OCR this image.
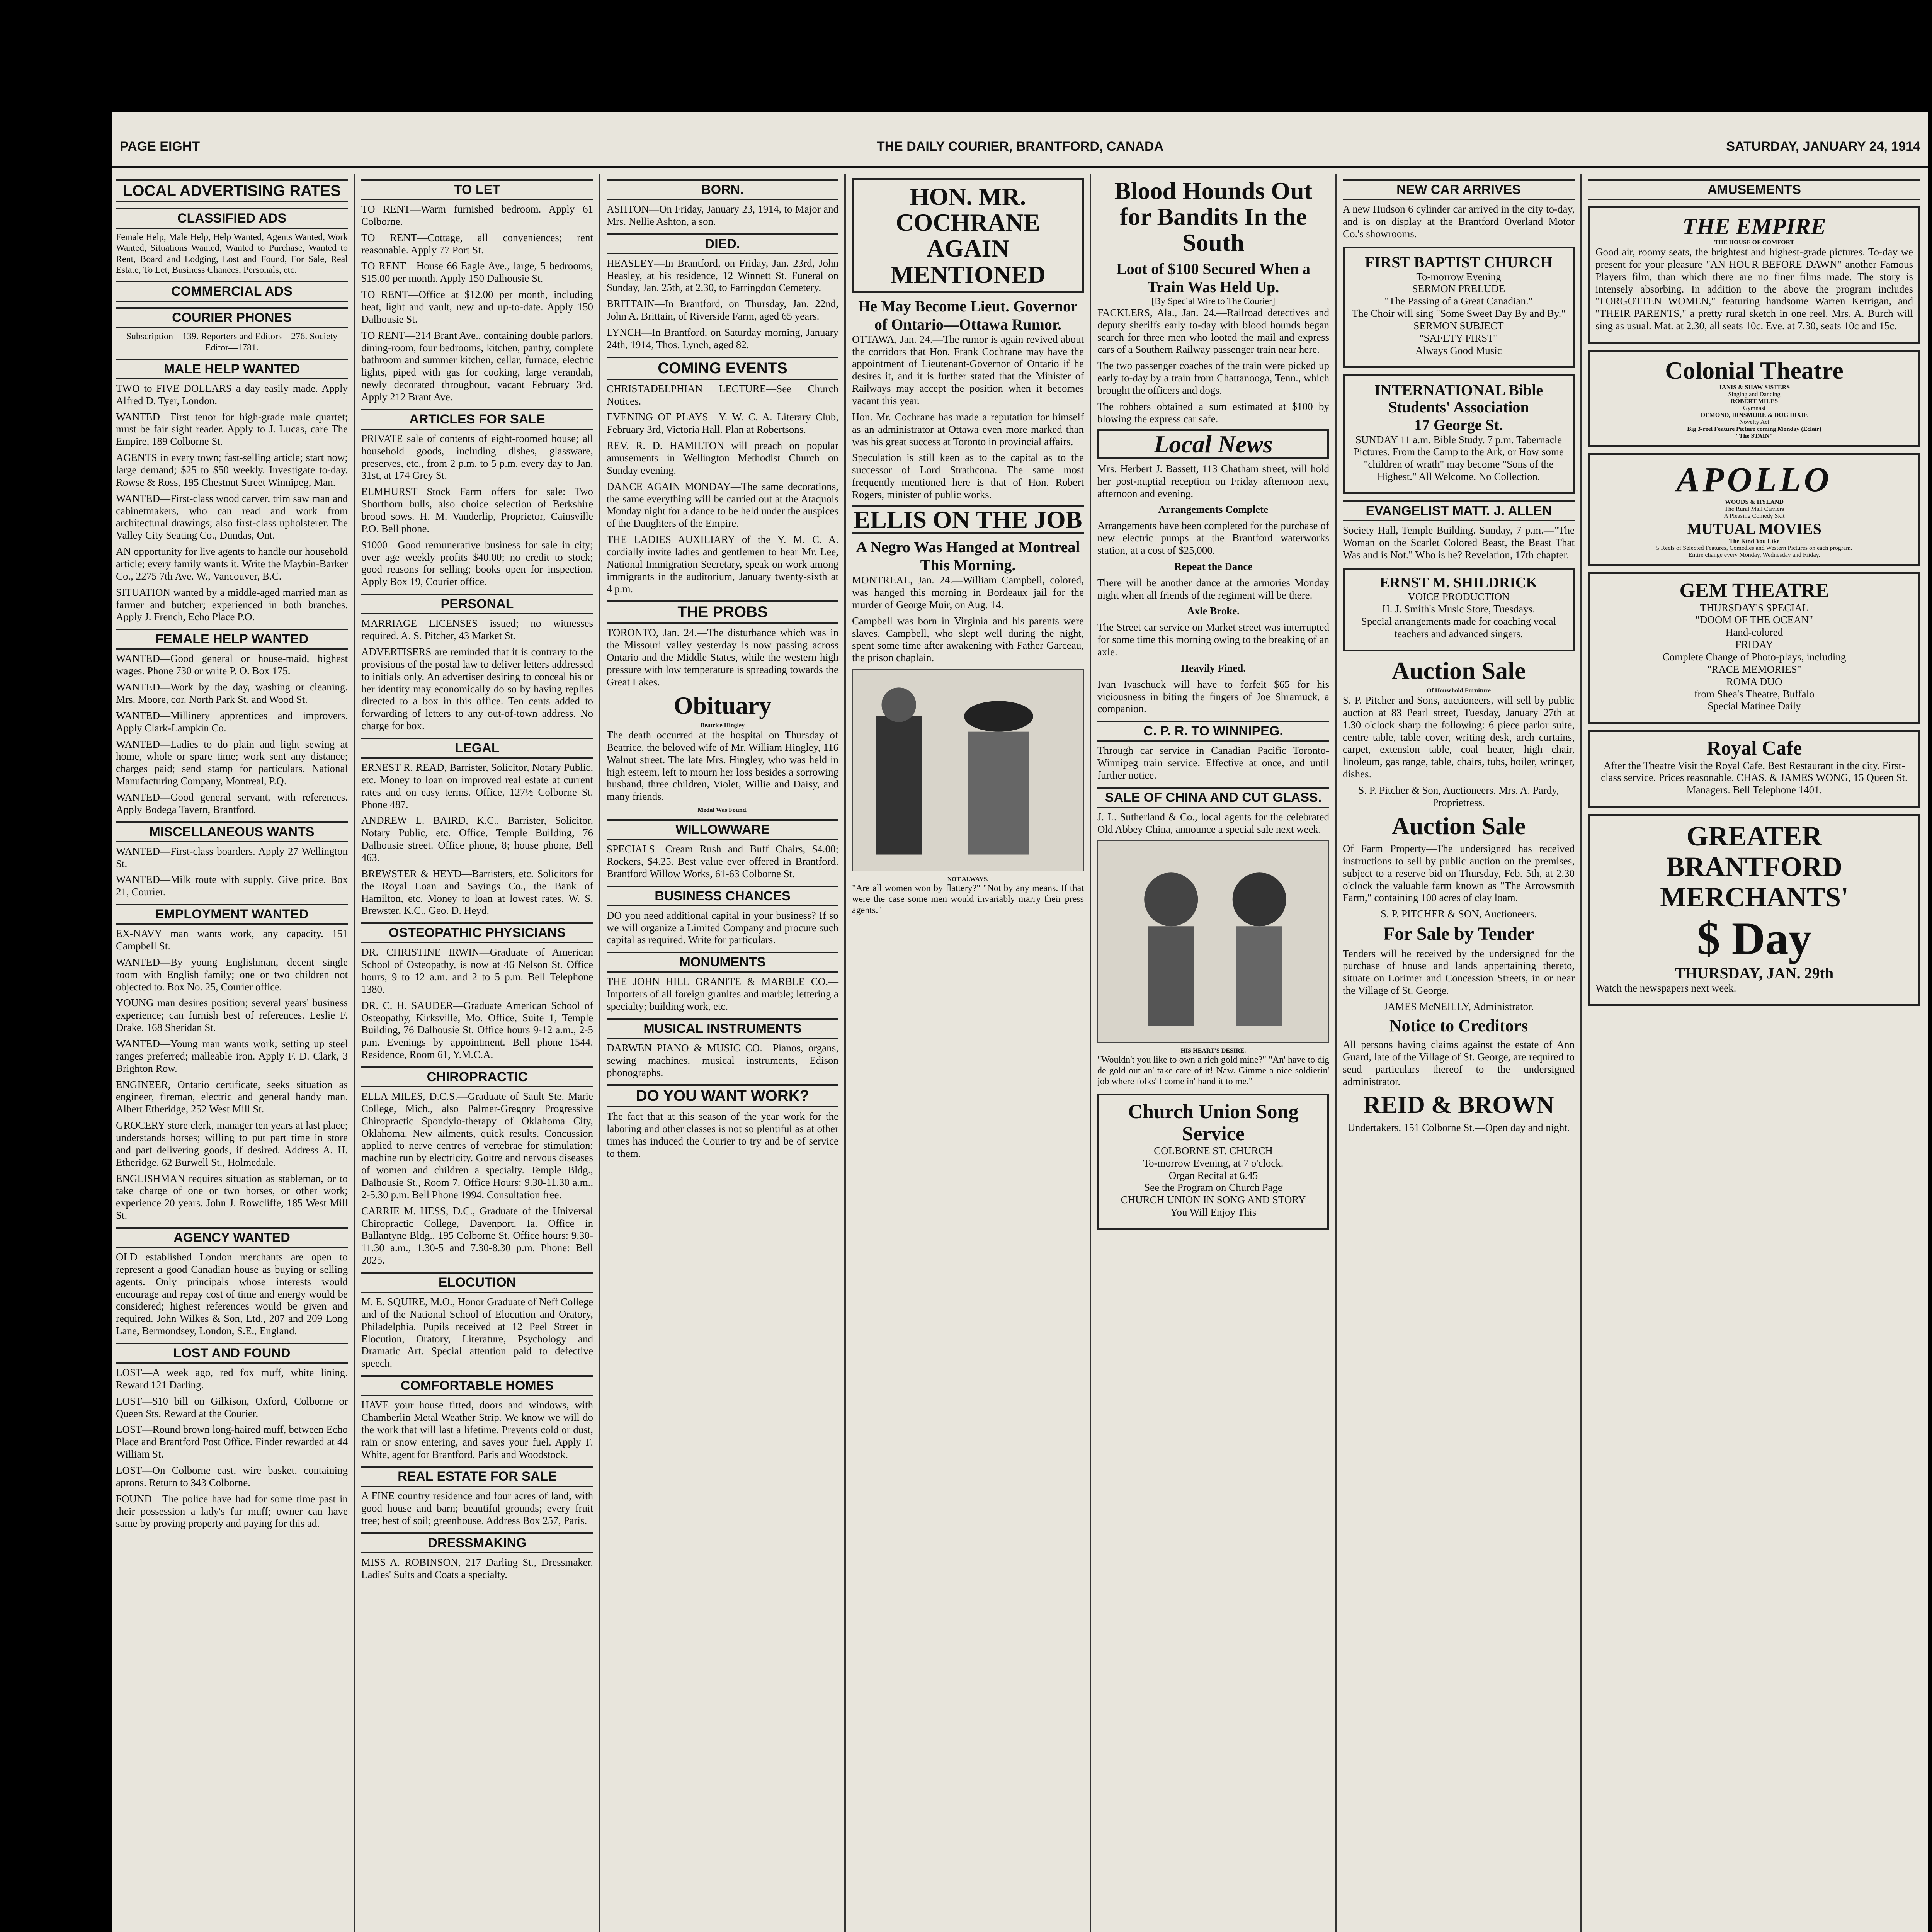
PAGE EIGHT	THE DAILY COURIER, BRANTFORD, CANADA	SATURDAY, JANUARY 24, 1914
LOCAL ADVERTISING RATES
CLASSIFIED ADS

Female Help, Male Help, Help Wanted, Agents Wanted, Work Wanted, Situations Wanted, Wanted to Purchase, Wanted to Rent, Board and Lodging, Lost and Found, For Sale, Real Estate, To Let, Business Chances, Personals, etc.

COMMERCIAL ADS
COURIER PHONES

Subscription—139. Reporters and Editors—276. Society Editor—1781.

MALE HELP WANTED

TWO to FIVE DOLLARS a day easily made. Apply Alfred D. Tyer, London.

WANTED—First tenor for high-grade male quartet; must be fair sight reader. Apply to J. Lucas, care The Empire, 189 Colborne St.

AGENTS in every town; fast-selling article; start now; large demand; $25 to $50 weekly. Investigate to-day. Rowse & Ross, 195 Chestnut Street Winnipeg, Man.

WANTED—First-class wood carver, trim saw man and cabinetmakers, who can read and work from architectural drawings; also first-class upholsterer. The Valley City Seating Co., Dundas, Ont.

AN opportunity for live agents to handle our household article; every family wants it. Write the Maybin-Barker Co., 2275 7th Ave. W., Vancouver, B.C.

SITUATION wanted by a middle-aged married man as farmer and butcher; experienced in both branches. Apply J. French, Echo Place P.O.

FEMALE HELP WANTED

WANTED—Good general or house-maid, highest wages. Phone 730 or write P. O. Box 175.

WANTED—Work by the day, washing or cleaning. Mrs. Moore, cor. North Park St. and Wood St.

WANTED—Millinery apprentices and improvers. Apply Clark-Lampkin Co.

WANTED—Ladies to do plain and light sewing at home, whole or spare time; work sent any distance; charges paid; send stamp for particulars. National Manufacturing Company, Montreal, P.Q.

WANTED—Good general servant, with references. Apply Bodega Tavern, Brantford.

MISCELLANEOUS WANTS

WANTED—First-class boarders. Apply 27 Wellington St.

WANTED—Milk route with supply. Give price. Box 21, Courier.

EMPLOYMENT WANTED

EX-NAVY man wants work, any capacity. 151 Campbell St.

WANTED—By young Englishman, decent single room with English family; one or two children not objected to. Box No. 25, Courier office.

YOUNG man desires position; several years' business experience; can furnish best of references. Leslie F. Drake, 168 Sheridan St.

WANTED—Young man wants work; setting up steel ranges preferred; malleable iron. Apply F. D. Clark, 3 Brighton Row.

ENGINEER, Ontario certificate, seeks situation as engineer, fireman, electric and general handy man. Albert Etheridge, 252 West Mill St.

GROCERY store clerk, manager ten years at last place; understands horses; willing to put part time in store and part delivering goods, if desired. Address A. H. Etheridge, 62 Burwell St., Holmedale.

ENGLISHMAN requires situation as stableman, or to take charge of one or two horses, or other work; experience 20 years. John J. Rowcliffe, 185 West Mill St.

AGENCY WANTED

OLD established London merchants are open to represent a good Canadian house as buying or selling agents. Only principals whose interests would encourage and repay cost of time and energy would be considered; highest references would be given and required. John Wilkes & Son, Ltd., 207 and 209 Long Lane, Bermondsey, London, S.E., England.

LOST AND FOUND

LOST—A week ago, red fox muff, white lining. Reward 121 Darling.

LOST—$10 bill on Gilkison, Oxford, Colborne or Queen Sts. Reward at the Courier.

LOST—Round brown long-haired muff, between Echo Place and Brantford Post Office. Finder rewarded at 44 William St.

LOST—On Colborne east, wire basket, containing aprons. Return to 343 Colborne.

FOUND—The police have had for some time past in their possession a lady's fur muff; owner can have same by proving property and paying for this ad.

TO LET

TO RENT—Warm furnished bedroom. Apply 61 Colborne.

TO RENT—Cottage, all conveniences; rent reasonable. Apply 77 Port St.

TO RENT—House 66 Eagle Ave., large, 5 bedrooms, $15.00 per month. Apply 150 Dalhousie St.

TO RENT—Office at $12.00 per month, including heat, light and vault, new and up-to-date. Apply 150 Dalhousie St.

TO RENT—214 Brant Ave., containing double parlors, dining-room, four bedrooms, kitchen, pantry, complete bathroom and summer kitchen, cellar, furnace, electric lights, piped with gas for cooking, large verandah, newly decorated throughout, vacant February 3rd. Apply 212 Brant Ave.

ARTICLES FOR SALE

PRIVATE sale of contents of eight-roomed house; all household goods, including dishes, glassware, preserves, etc., from 2 p.m. to 5 p.m. every day to Jan. 31st, at 174 Grey St.

ELMHURST Stock Farm offers for sale: Two Shorthorn bulls, also choice selection of Berkshire brood sows. H. M. Vanderlip, Proprietor, Cainsville P.O. Bell phone.

$1000—Good remunerative business for sale in city; over age weekly profits $40.00; no credit to stock; good reasons for selling; books open for inspection. Apply Box 19, Courier office.

PERSONAL

MARRIAGE LICENSES issued; no witnesses required. A. S. Pitcher, 43 Market St.

ADVERTISERS are reminded that it is contrary to the provisions of the postal law to deliver letters addressed to initials only. An advertiser desiring to conceal his or her identity may economically do so by having replies directed to a box in this office. Ten cents added to forwarding of letters to any out-of-town address. No charge for box.

LEGAL

ERNEST R. READ, Barrister, Solicitor, Notary Public, etc. Money to loan on improved real estate at current rates and on easy terms. Office, 127½ Colborne St. Phone 487.

ANDREW L. BAIRD, K.C., Barrister, Solicitor, Notary Public, etc. Office, Temple Building, 76 Dalhousie street. Office phone, 8; house phone, Bell 463.

BREWSTER & HEYD—Barristers, etc. Solicitors for the Royal Loan and Savings Co., the Bank of Hamilton, etc. Money to loan at lowest rates. W. S. Brewster, K.C., Geo. D. Heyd.

OSTEOPATHIC PHYSICIANS

DR. CHRISTINE IRWIN—Graduate of American School of Osteopathy, is now at 46 Nelson St. Office hours, 9 to 12 a.m. and 2 to 5 p.m. Bell Telephone 1380.

DR. C. H. SAUDER—Graduate American School of Osteopathy, Kirksville, Mo. Office, Suite 1, Temple Building, 76 Dalhousie St. Office hours 9-12 a.m., 2-5 p.m. Evenings by appointment. Bell phone 1544. Residence, Room 61, Y.M.C.A.

CHIROPRACTIC

ELLA MILES, D.C.S.—Graduate of Sault Ste. Marie College, Mich., also Palmer-Gregory Progressive Chiropractic Spondylo-therapy of Oklahoma City, Oklahoma. New ailments, quick results. Concussion applied to nerve centres of vertebrae for stimulation; machine run by electricity. Goitre and nervous diseases of women and children a specialty. Temple Bldg., Dalhousie St., Room 7. Office Hours: 9.30-11.30 a.m., 2-5.30 p.m. Bell Phone 1994. Consultation free.

CARRIE M. HESS, D.C., Graduate of the Universal Chiropractic College, Davenport, Ia. Office in Ballantyne Bldg., 195 Colborne St. Office hours: 9.30-11.30 a.m., 1.30-5 and 7.30-8.30 p.m. Phone: Bell 2025.

ELOCUTION

M. E. SQUIRE, M.O., Honor Graduate of Neff College and of the National School of Elocution and Oratory, Philadelphia. Pupils received at 12 Peel Street in Elocution, Oratory, Literature, Psychology and Dramatic Art. Special attention paid to defective speech.

COMFORTABLE HOMES

HAVE your house fitted, doors and windows, with Chamberlin Metal Weather Strip. We know we will do the work that will last a lifetime. Prevents cold or dust, rain or snow entering, and saves your fuel. Apply F. White, agent for Brantford, Paris and Woodstock.

REAL ESTATE FOR SALE

A FINE country residence and four acres of land, with good house and barn; beautiful grounds; every fruit tree; best of soil; greenhouse. Address Box 257, Paris.

DRESSMAKING

MISS A. ROBINSON, 217 Darling St., Dressmaker. Ladies' Suits and Coats a specialty.

BORN.

ASHTON—On Friday, January 23, 1914, to Major and Mrs. Nellie Ashton, a son.

DIED.

HEASLEY—In Brantford, on Friday, Jan. 23rd, John Heasley, at his residence, 12 Winnett St. Funeral on Sunday, Jan. 25th, at 2.30, to Farringdon Cemetery.

BRITTAIN—In Brantford, on Thursday, Jan. 22nd, John A. Brittain, of Riverside Farm, aged 65 years.

LYNCH—In Brantford, on Saturday morning, January 24th, 1914, Thos. Lynch, aged 82.

COMING EVENTS

CHRISTADELPHIAN LECTURE—See Church Notices.

EVENING OF PLAYS—Y. W. C. A. Literary Club, February 3rd, Victoria Hall. Plan at Robertsons.

REV. R. D. HAMILTON will preach on popular amusements in Wellington Methodist Church on Sunday evening.

DANCE AGAIN MONDAY—The same decorations, the same everything will be carried out at the Ataquois Monday night for a dance to be held under the auspices of the Daughters of the Empire.

THE LADIES AUXILIARY of the Y. M. C. A. cordially invite ladies and gentlemen to hear Mr. Lee, National Immigration Secretary, speak on work among immigrants in the auditorium, January twenty-sixth at 4 p.m.

THE PROBS

TORONTO, Jan. 24.—The disturbance which was in the Missouri valley yesterday is now passing across Ontario and the Middle States, while the western high pressure with low temperature is spreading towards the Great Lakes.

Obituary
Beatrice Hingley

The death occurred at the hospital on Thursday of Beatrice, the beloved wife of Mr. William Hingley, 116 Walnut street. The late Mrs. Hingley, who was held in high esteem, left to mourn her loss besides a sorrowing husband, three children, Violet, Willie and Daisy, and many friends.

Medal Was Found.
WILLOWWARE

SPECIALS—Cream Rush and Buff Chairs, $4.00; Rockers, $4.25. Best value ever offered in Brantford. Brantford Willow Works, 61-63 Colborne St.

BUSINESS CHANCES

DO you need additional capital in your business? If so we will organize a Limited Company and procure such capital as required. Write for particulars.

MONUMENTS

THE JOHN HILL GRANITE & MARBLE CO.—Importers of all foreign granites and marble; lettering a specialty; building work, etc.

MUSICAL INSTRUMENTS

DARWEN PIANO & MUSIC CO.—Pianos, organs, sewing machines, musical instruments, Edison phonographs.

DO YOU WANT WORK?

The fact that at this season of the year work for the laboring and other classes is not so plentiful as at other times has induced the Courier to try and be of service to them.

HON. MR. COCHRANE AGAIN MENTIONED
He May Become Lieut. Governor of Ontario—Ottawa Rumor.

OTTAWA, Jan. 24.—The rumor is again revived about the corridors that Hon. Frank Cochrane may have the appointment of Lieutenant-Governor of Ontario if he desires it, and it is further stated that the Minister of Railways may accept the position when it becomes vacant this year.

Hon. Mr. Cochrane has made a reputation for himself as an administrator at Ottawa even more marked than was his great success at Toronto in provincial affairs.

Speculation is still keen as to the capital as to the successor of Lord Strathcona. The same most frequently mentioned here is that of Hon. Robert Rogers, minister of public works.

ELLIS ON THE JOB
A Negro Was Hanged at Montreal This Morning.

MONTREAL, Jan. 24.—William Campbell, colored, was hanged this morning in Bordeaux jail for the murder of George Muir, on Aug. 14.

Campbell was born in Virginia and his parents were slaves. Campbell, who slept well during the night, spent some time after awakening with Father Garceau, the prison chaplain.

NOT ALWAYS.

"Are all women won by flattery?" "Not by any means. If that were the case some men would invariably marry their press agents."

Blood Hounds Out for Bandits In the South
Loot of $100 Secured When a Train Was Held Up.
[By Special Wire to The Courier]

FACKLERS, Ala., Jan. 24.—Railroad detectives and deputy sheriffs early to-day with blood hounds began search for three men who looted the mail and express cars of a Southern Railway passenger train near here.

The two passenger coaches of the train were picked up early to-day by a train from Chattanooga, Tenn., which brought the officers and dogs.

The robbers obtained a sum estimated at $100 by blowing the express car safe.

Local News

Mrs. Herbert J. Bassett, 113 Chatham street, will hold her post-nuptial reception on Friday afternoon next, afternoon and evening.

Arrangements Complete

Arrangements have been completed for the purchase of new electric pumps at the Brantford waterworks station, at a cost of $25,000.

Repeat the Dance

There will be another dance at the armories Monday night when all friends of the regiment will be there.

Axle Broke.

The Street car service on Market street was interrupted for some time this morning owing to the breaking of an axle.

Heavily Fined.

Ivan Ivaschuck will have to forfeit $65 for his viciousness in biting the fingers of Joe Shramuck, a companion.

C. P. R. TO WINNIPEG.

Through car service in Canadian Pacific Toronto-Winnipeg train service. Effective at once, and until further notice.

SALE OF CHINA AND CUT GLASS.

J. L. Sutherland & Co., local agents for the celebrated Old Abbey China, announce a special sale next week.

HIS HEART'S DESIRE.

"Wouldn't you like to own a rich gold mine?" "An' have to dig de gold out an' take care of it! Naw. Gimme a nice soldierin' job where folks'll come in' hand it to me."

Church Union Song Service

COLBORNE ST. CHURCH
To-morrow Evening, at 7 o'clock.
Organ Recital at 6.45
See the Program on Church Page
CHURCH UNION IN SONG AND STORY
You Will Enjoy This

NEW CAR ARRIVES

A new Hudson 6 cylinder car arrived in the city to-day, and is on display at the Brantford Overland Motor Co.'s showrooms.

FIRST BAPTIST CHURCH

To-morrow Evening
SERMON PRELUDE
"The Passing of a Great Canadian."
The Choir will sing "Some Sweet Day By and By."
SERMON SUBJECT
"SAFETY FIRST"
Always Good Music

INTERNATIONAL Bible Students' Association
17 George St.

SUNDAY 11 a.m. Bible Study. 7 p.m. Tabernacle Pictures. From the Camp to the Ark, or How some "children of wrath" may become "Sons of the Highest." All Welcome. No Collection.

EVANGELIST MATT. J. ALLEN

Society Hall, Temple Building. Sunday, 7 p.m.—"The Woman on the Scarlet Colored Beast, the Beast That Was and is Not." Who is he? Revelation, 17th chapter.

ERNST M. SHILDRICK

VOICE PRODUCTION
H. J. Smith's Music Store, Tuesdays.
Special arrangements made for coaching vocal teachers and advanced singers.

Auction Sale
Of Household Furniture

S. P. Pitcher and Sons, auctioneers, will sell by public auction at 83 Pearl street, Tuesday, January 27th at 1.30 o'clock sharp the following: 6 piece parlor suite, centre table, table cover, writing desk, arch curtains, carpet, extension table, coal heater, high chair, linoleum, gas range, table, chairs, tubs, boiler, wringer, dishes.

S. P. Pitcher & Son, Auctioneers. Mrs. A. Pardy, Proprietress.

Auction Sale

Of Farm Property—The undersigned has received instructions to sell by public auction on the premises, subject to a reserve bid on Thursday, Feb. 5th, at 2.30 o'clock the valuable farm known as "The Arrowsmith Farm," containing 100 acres of clay loam.

S. P. PITCHER & SON, Auctioneers.

For Sale by Tender

Tenders will be received by the undersigned for the purchase of house and lands appertaining thereto, situate on Lorimer and Concession Streets, in or near the Village of St. George.

JAMES McNEILLY, Administrator.

Notice to Creditors

All persons having claims against the estate of Ann Guard, late of the Village of St. George, are required to send particulars thereof to the undersigned administrator.

REID & BROWN

Undertakers. 151 Colborne St.—Open day and night.

AMUSEMENTS
THE EMPIRE
THE HOUSE OF COMFORT

Good air, roomy seats, the brightest and highest-grade pictures. To-day we present for your pleasure "AN HOUR BEFORE DAWN" another Famous Players film, than which there are no finer films made. The story is intensely absorbing. In addition to the above the program includes "FORGOTTEN WOMEN," featuring handsome Warren Kerrigan, and "THEIR PARENTS," a pretty rural sketch in one reel. Mrs. A. Burch will sing as usual. Mat. at 2.30, all seats 10c. Eve. at 7.30, seats 10c and 15c.

Colonial Theatre
JANIS & SHAW SISTERS
Singing and Dancing
ROBERT MILES
Gymnast
DEMOND, DINSMORE & DOG DIXIE
Novelty Act
Big 3-reel Feature Picture coming Monday (Eclair)
"The STAIN"
APOLLO
WOODS & HYLAND
The Rural Mail Carriers
A Pleasing Comedy Skit
MUTUAL MOVIES
The Kind You Like
5 Reels of Selected Features, Comedies and Western Pictures on each program.
Entire change every Monday, Wednesday and Friday.
GEM THEATRE

THURSDAY'S SPECIAL
"DOOM OF THE OCEAN"
Hand-colored
FRIDAY
Complete Change of Photo-plays, including
"RACE MEMORIES"
ROMA DUO
from Shea's Theatre, Buffalo
Special Matinee Daily

Royal Cafe

After the Theatre Visit the Royal Cafe. Best Restaurant in the city. First-class service. Prices reasonable. CHAS. & JAMES WONG, 15 Queen St. Managers. Bell Telephone 1401.

GREATER BRANTFORD MERCHANTS'
$ Day
THURSDAY, JAN. 29th

Watch the newspapers next week.
